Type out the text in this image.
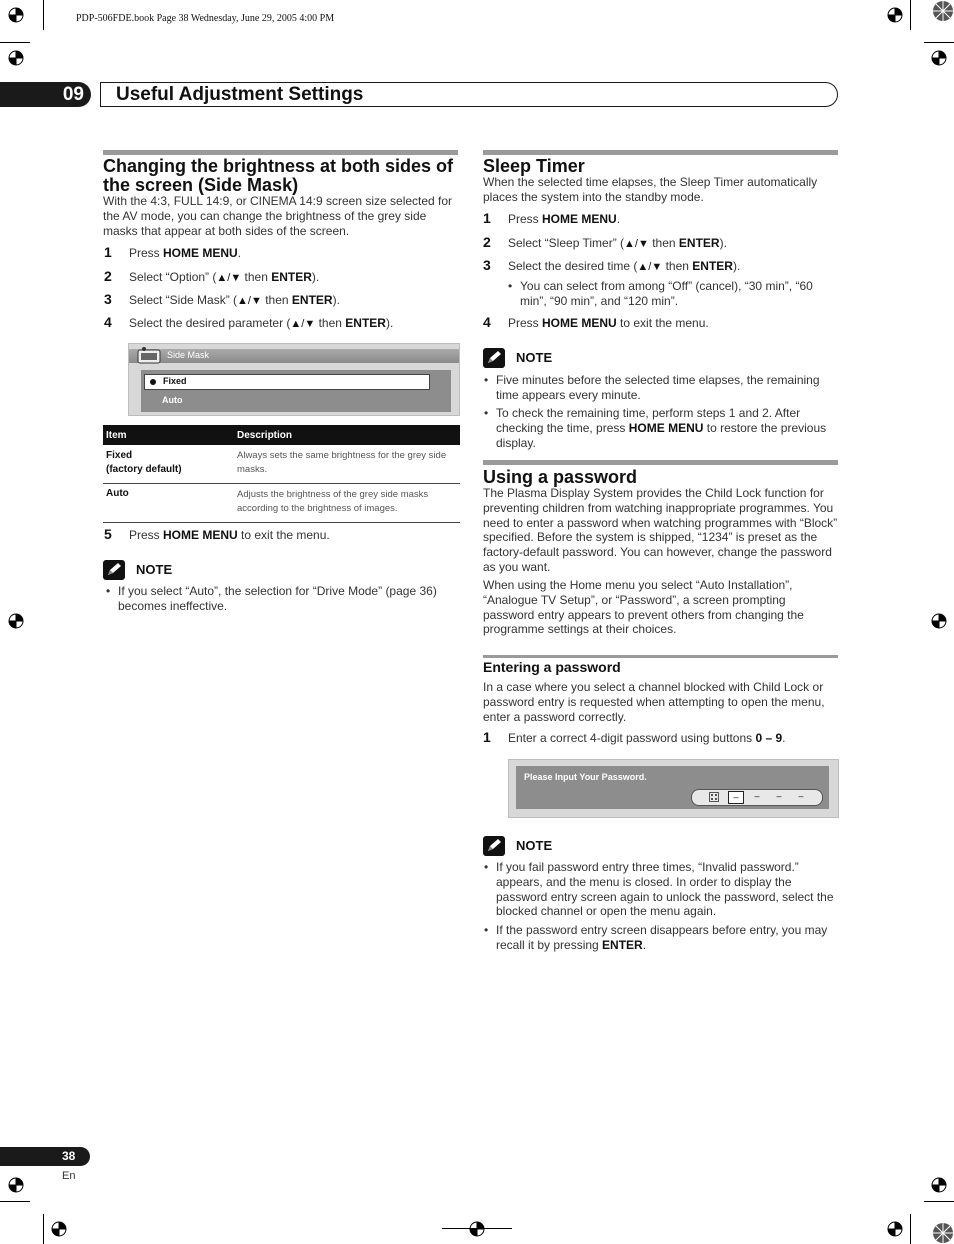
PDP-506FDE.book Page 38 Wednesday, June 29, 2005 4:00 PM
09	Useful Adjustment Settings
Changing the brightness at both sides of the screen (Side Mask)
With the 4:3, FULL 14:9, or CINEMA 14:9 screen size selected for the AV mode, you can change the brightness of the grey side masks that appear at both sides of the screen.
1 Press HOME MENU.
2 Select “Option” (▲/▼ then ENTER).
3 Select “Side Mask” (▲/▼ then ENTER).
4 Select the desired parameter (▲/▼ then ENTER).
Side Mask
Fixed
Auto
Item	Description
Fixed
(factory default)	Always sets the same brightness for the grey side masks.
Auto	Adjusts the brightness of the grey side masks according to the brightness of images.
5 Press HOME MENU to exit the menu.
NOTE
• If you select “Auto”, the selection for “Drive Mode” (page 36) becomes ineffective.
Sleep Timer
When the selected time elapses, the Sleep Timer automatically places the system into the standby mode.
1 Press HOME MENU.
2 Select “Sleep Timer” (▲/▼ then ENTER).
3 Select the desired time (▲/▼ then ENTER).
• You can select from among “Off” (cancel), “30 min”, “60 min”, “90 min”, and “120 min”.
4 Press HOME MENU to exit the menu.
NOTE
• Five minutes before the selected time elapses, the remaining time appears every minute.
• To check the remaining time, perform steps 1 and 2. After checking the time, press HOME MENU to restore the previous display.
Using a password
The Plasma Display System provides the Child Lock function for preventing children from watching inappropriate programmes. You need to enter a password when watching programmes with “Block” specified. Before the system is shipped, “1234” is preset as the factory-default password. You can however, change the password as you want.
When using the Home menu you select “Auto Installation”, “Analogue TV Setup”, or “Password”, a screen prompting password entry appears to prevent others from changing the programme settings at their choices.
Entering a password
In a case where you select a channel blocked with Child Lock or password entry is requested when attempting to open the menu, enter a password correctly.
1 Enter a correct 4-digit password using buttons 0 – 9.
Please Input Your Password.
–	–	–	–
NOTE
• If you fail password entry three times, “Invalid password.” appears, and the menu is closed. In order to display the password entry screen again to unlock the password, select the blocked channel or open the menu again.
• If the password entry screen disappears before entry, you may recall it by pressing ENTER.
38
En
